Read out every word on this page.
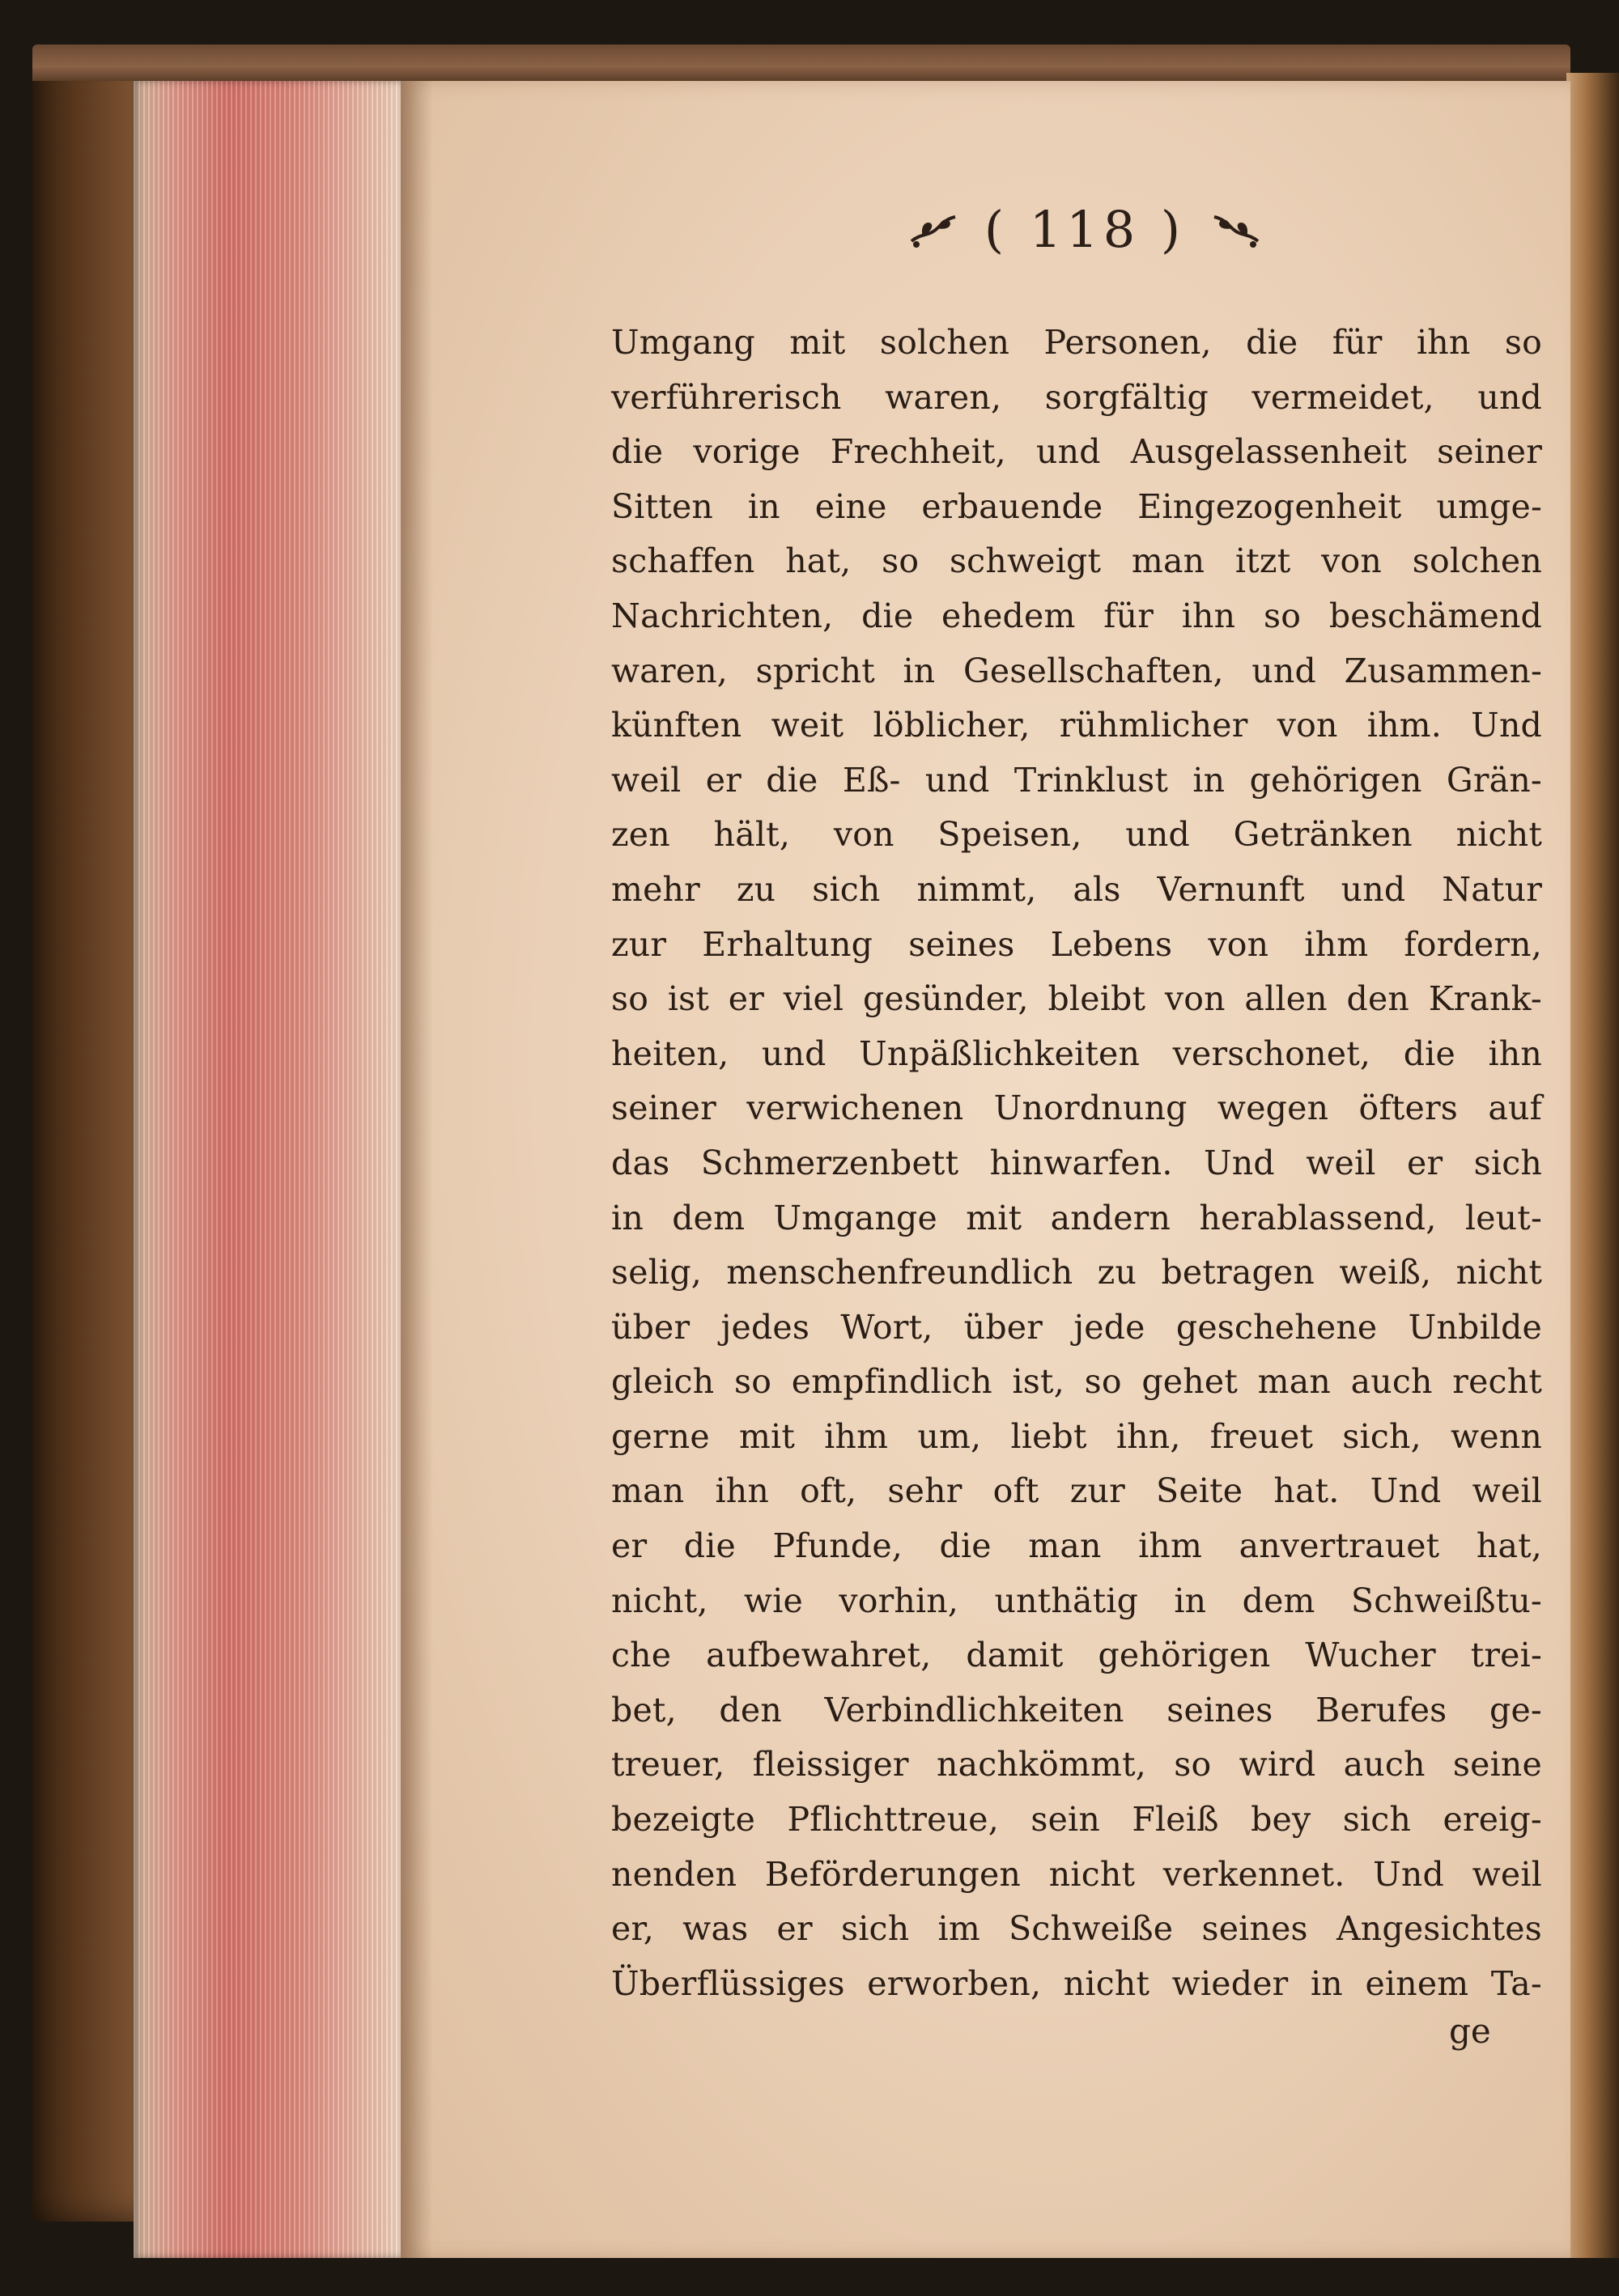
( 118 )
Umgang mit solchen Personen, die für ihn so
verführerisch waren, sorgfältig vermeidet, und
die vorige Frechheit, und Ausgelassenheit seiner
Sitten in eine erbauende Eingezogenheit umge-
schaffen hat, so schweigt man itzt von solchen
Nachrichten, die ehedem für ihn so beschämend
waren, spricht in Gesellschaften, und Zusammen-
künften weit löblicher, rühmlicher von ihm. Und
weil er die Eß- und Trinklust in gehörigen Grän-
zen hält, von Speisen, und Getränken nicht
mehr zu sich nimmt, als Vernunft und Natur
zur Erhaltung seines Lebens von ihm fordern,
so ist er viel gesünder, bleibt von allen den Krank-
heiten, und Unpäßlichkeiten verschonet, die ihn
seiner verwichenen Unordnung wegen öfters auf
das Schmerzenbett hinwarfen. Und weil er sich
in dem Umgange mit andern herablassend, leut-
selig, menschenfreundlich zu betragen weiß, nicht
über jedes Wort, über jede geschehene Unbilde
gleich so empfindlich ist, so gehet man auch recht
gerne mit ihm um, liebt ihn, freuet sich, wenn
man ihn oft, sehr oft zur Seite hat. Und weil
er die Pfunde, die man ihm anvertrauet hat,
nicht, wie vorhin, unthätig in dem Schweißtu-
che aufbewahret, damit gehörigen Wucher trei-
bet, den Verbindlichkeiten seines Berufes ge-
treuer, fleissiger nachkömmt, so wird auch seine
bezeigte Pflichttreue, sein Fleiß bey sich ereig-
nenden Beförderungen nicht verkennet. Und weil
er, was er sich im Schweiße seines Angesichtes
Überflüssiges erworben, nicht wieder in einem Ta-
ge
